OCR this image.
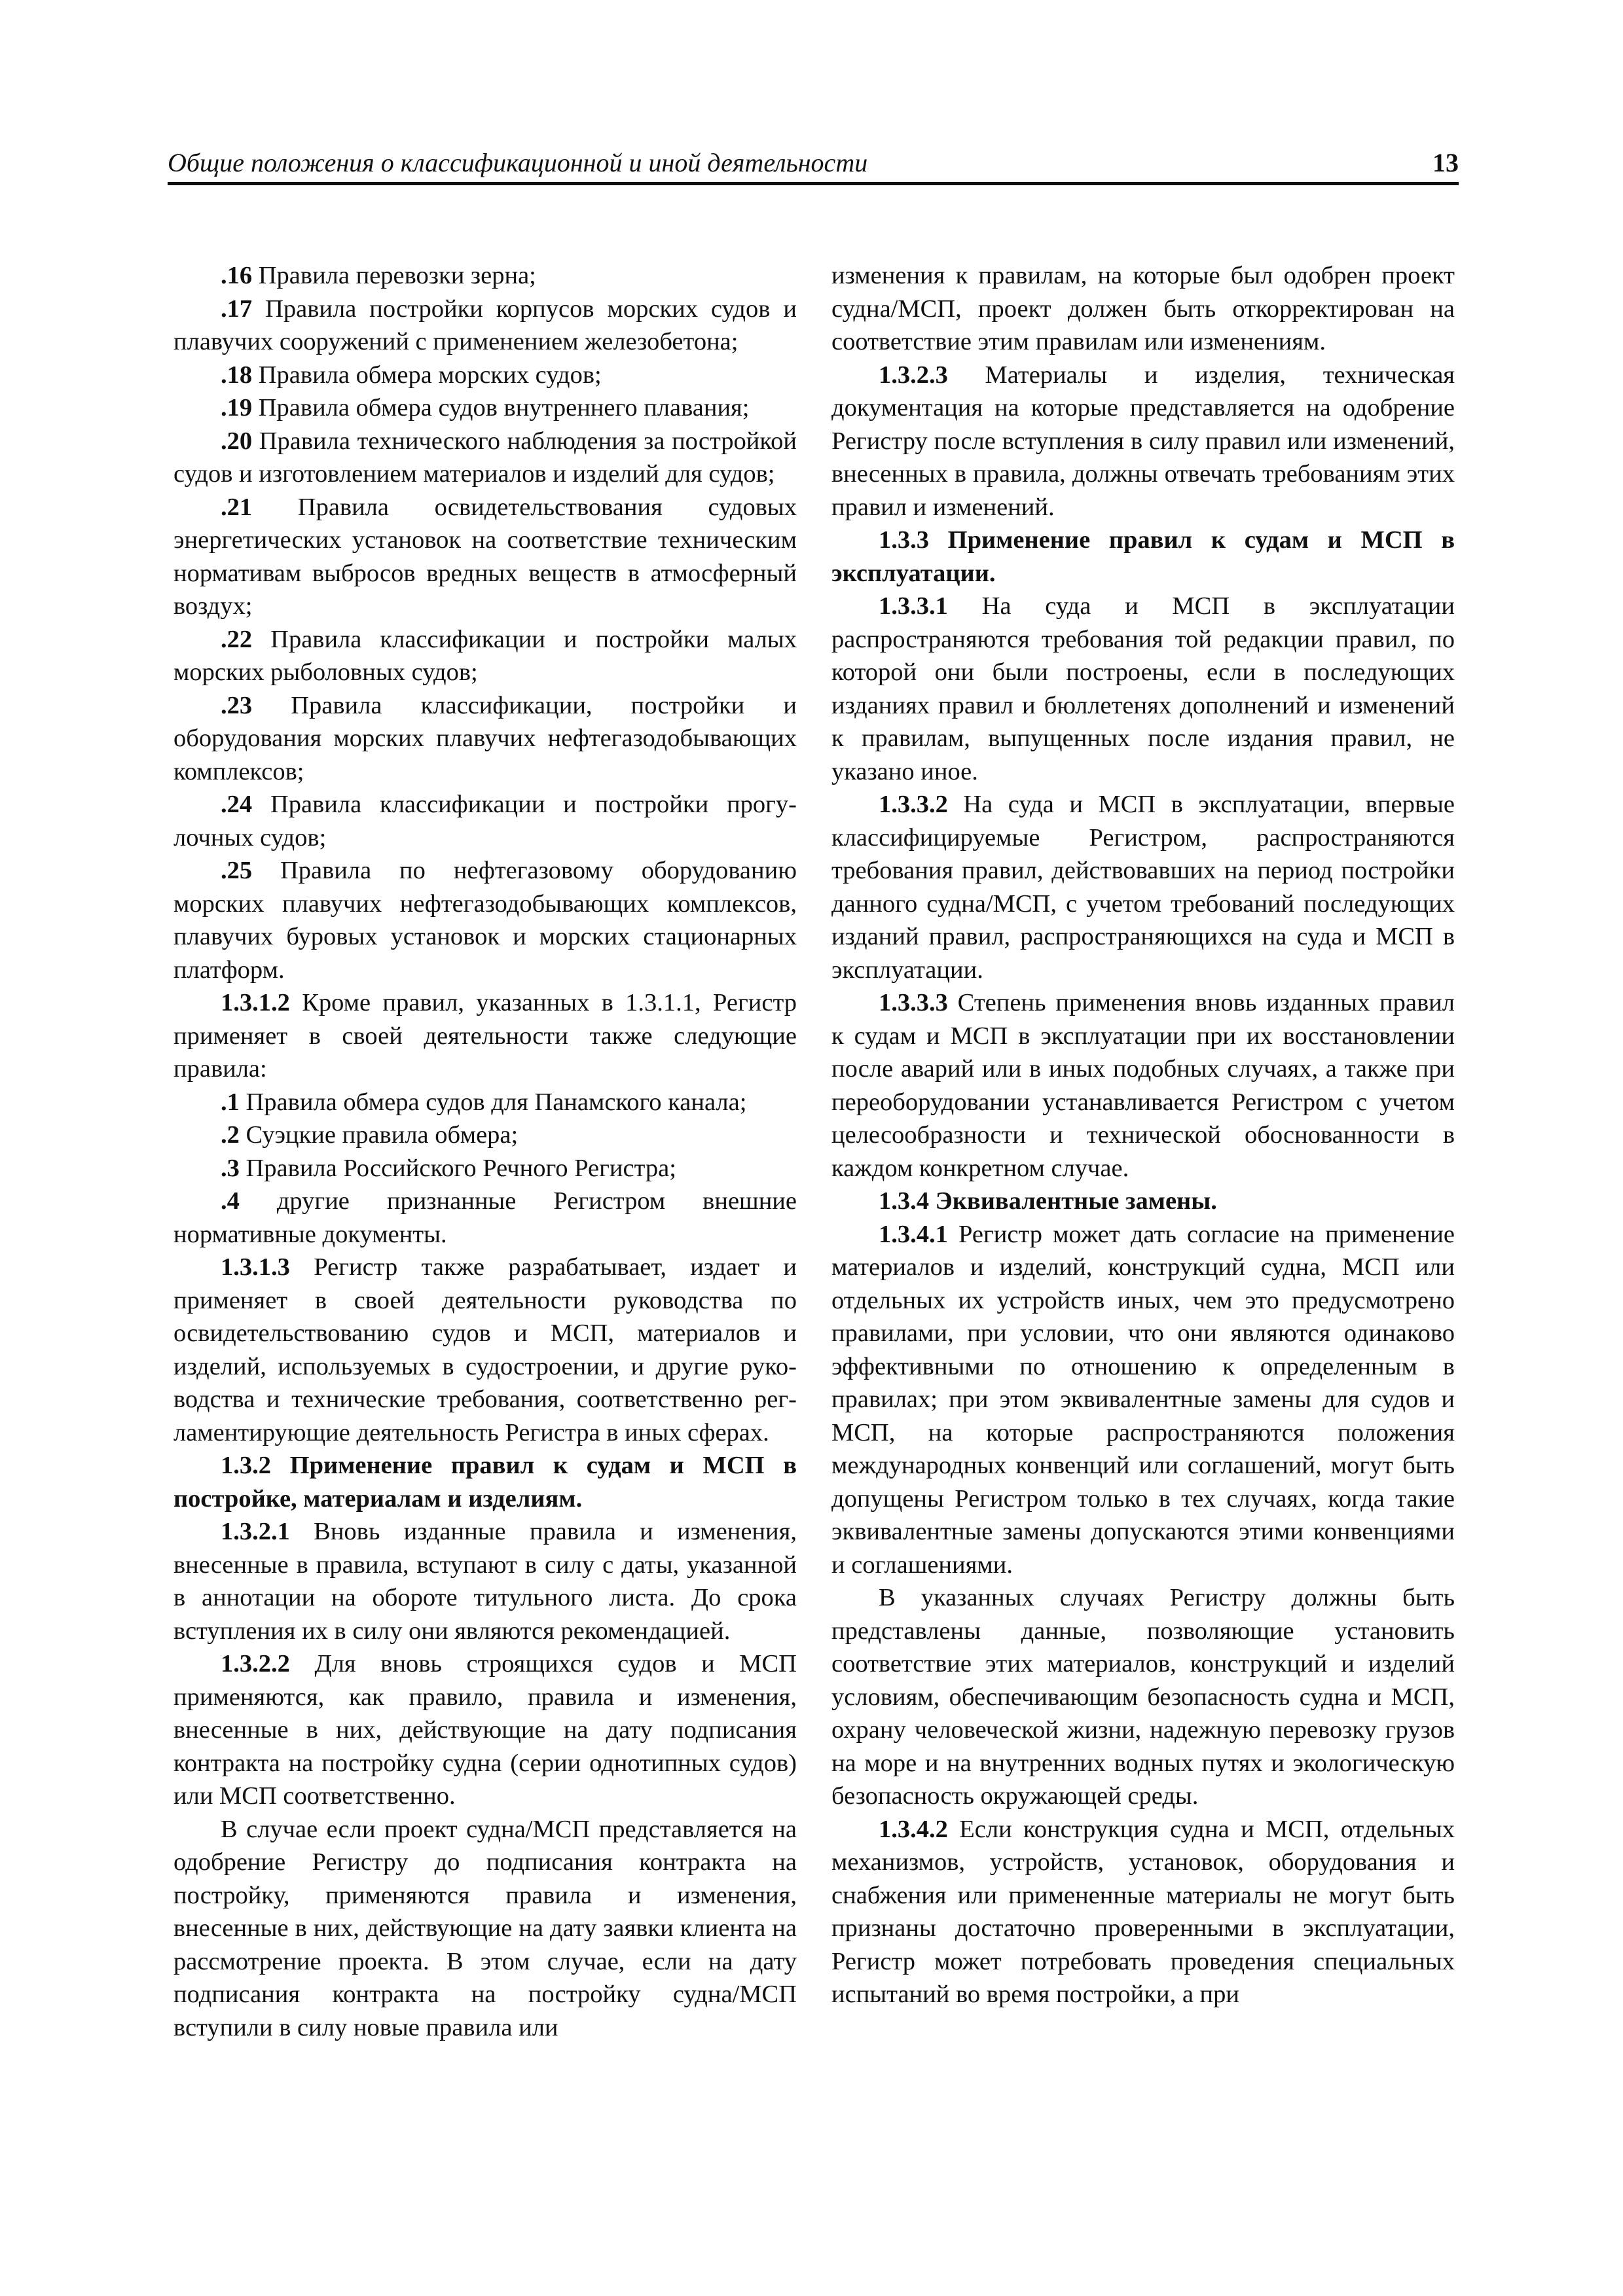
Общие положения о классификационной и иной деятельности	13

.16 Правила перевозки зерна;

.17 Правила постройки корпусов морских судов и плавучих сооружений с применением железобетона;

.18 Правила обмера морских судов;

.19 Правила обмера судов внутреннего плавания;

.20 Правила технического наблюдения за постройкой судов и изготовлением материалов и изделий для судов;

.21 Правила освидетельствования судовых энергетических установок на соответствие техническим нормативам выбросов вредных веществ в атмосферный воздух;

.22 Правила классификации и постройки малых морских рыболовных судов;

.23 Правила классификации, постройки и оборудования морских плавучих нефтегазодобывающих комплексов;

.24 Правила классификации и постройки прогулочных судов;

.25 Правила по нефтегазовому оборудованию морских плавучих нефтегазодобывающих комплексов, плавучих буровых установок и морских стационарных платформ.

1.3.1.2 Кроме правил, указанных в 1.3.1.1, Регистр применяет в своей деятельности также следующие правила:

.1 Правила обмера судов для Панамского канала;

.2 Суэцкие правила обмера;

.3 Правила Российского Речного Регистра;

.4 другие признанные Регистром внешние нормативные документы.

1.3.1.3 Регистр также разрабатывает, издает и применяет в своей деятельности руководства по освидетельствованию судов и МСП, материалов и изделий, используемых в судостроении, и другие руководства и технические требования, соответственно регламентирующие деятельность Регистра в иных сферах.

1.3.2 Применение правил к судам и МСП в постройке, материалам и изделиям.

1.3.2.1 Вновь изданные правила и изменения, внесенные в правила, вступают в силу с даты, указанной в аннотации на обороте титульного листа. До срока вступления их в силу они являются рекомендацией.

1.3.2.2 Для вновь строящихся судов и МСП применяются, как правило, правила и изменения, внесенные в них, действующие на дату подписания контракта на постройку судна (серии однотипных судов) или МСП соответственно.

В случае если проект судна/МСП представляется на одобрение Регистру до подписания контракта на постройку, применяются правила и изменения, внесенные в них, действующие на дату заявки клиента на рассмотрение проекта. В этом случае, если на дату подписания контракта на постройку судна/МСП вступили в силу новые правила или

изменения к правилам, на которые был одобрен проект судна/МСП, проект должен быть откорректирован на соответствие этим правилам или изменениям.

1.3.2.3 Материалы и изделия, техническая документация на которые представляется на одобрение Регистру после вступления в силу правил или изменений, внесенных в правила, должны отвечать требованиям этих правил и изменений.

1.3.3 Применение правил к судам и МСП в эксплуатации.

1.3.3.1 На суда и МСП в эксплуатации распространяются требования той редакции правил, по которой они были построены, если в последующих изданиях правил и бюллетенях дополнений и изменений к правилам, выпущенных после издания правил, не указано иное.

1.3.3.2 На суда и МСП в эксплуатации, впервые классифицируемые Регистром, распространяются требования правил, действовавших на период постройки данного судна/МСП, с учетом требований последующих изданий правил, распространяющихся на суда и МСП в эксплуатации.

1.3.3.3 Степень применения вновь изданных правил к судам и МСП в эксплуатации при их восстановлении после аварий или в иных подобных случаях, а также при переоборудовании устанавливается Регистром с учетом целесообразности и технической обоснованности в каждом конкретном случае.

1.3.4 Эквивалентные замены.

1.3.4.1 Регистр может дать согласие на применение материалов и изделий, конструкций судна, МСП или отдельных их устройств иных, чем это предусмотрено правилами, при условии, что они являются одинаково эффективными по отношению к определенным в правилах; при этом эквивалентные замены для судов и МСП, на которые распространяются положения международных конвенций или соглашений, могут быть допущены Регистром только в тех случаях, когда такие эквивалентные замены допускаются этими конвенциями и соглашениями.

В указанных случаях Регистру должны быть представлены данные, позволяющие установить соответствие этих материалов, конструкций и изделий условиям, обеспечивающим безопасность судна и МСП, охрану человеческой жизни, надежную перевозку грузов на море и на внутренних водных путях и экологическую безопасность окружающей среды.

1.3.4.2 Если конструкция судна и МСП, отдельных механизмов, устройств, установок, оборудования и снабжения или примененные материалы не могут быть признаны достаточно проверенными в эксплуатации, Регистр может потребовать проведения специальных испытаний во время постройки, а при
